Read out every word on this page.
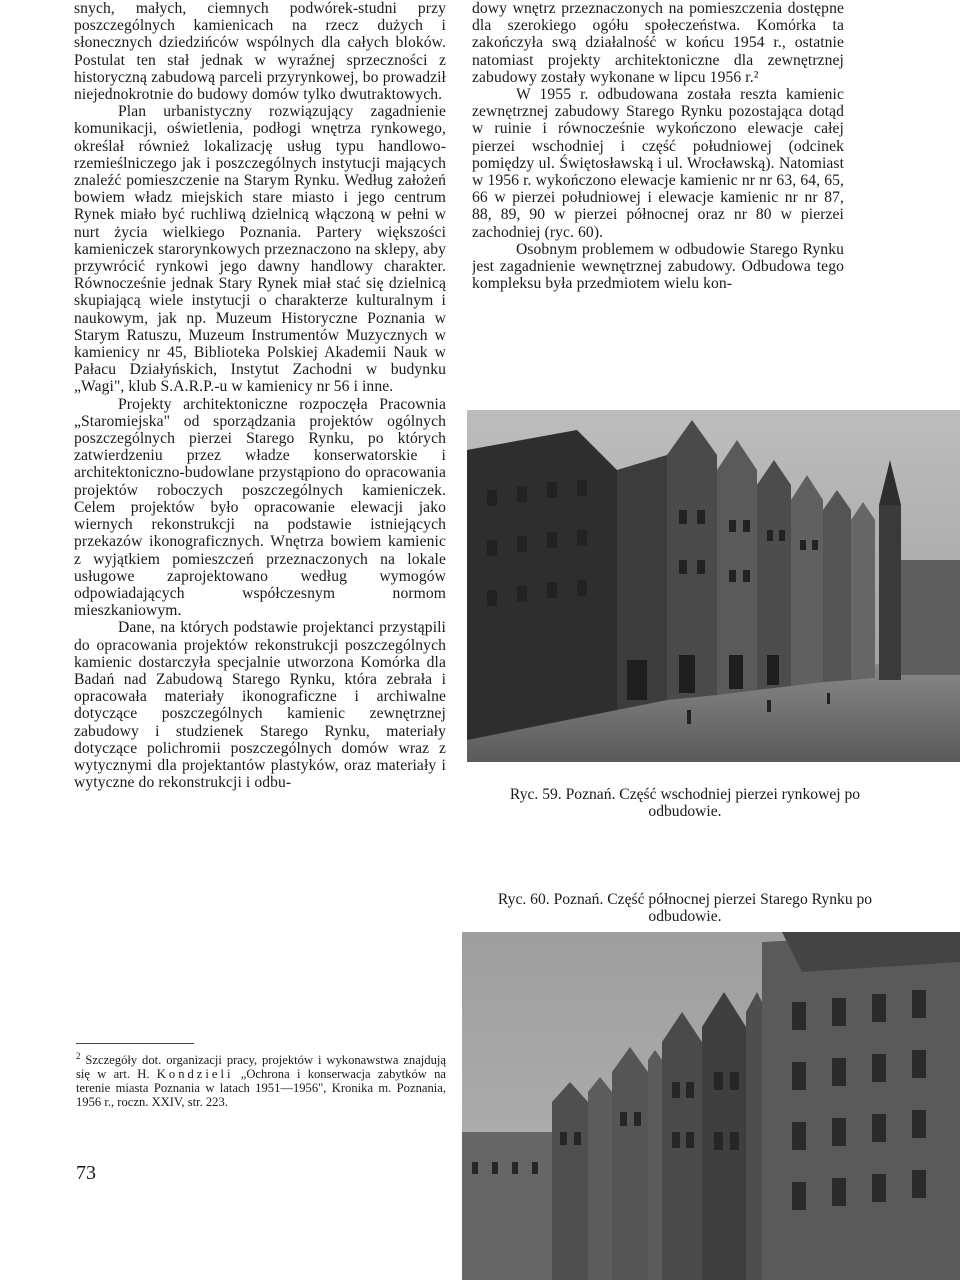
snych, małych, ciemnych podwórek-studni przy poszczególnych kamienicach na rzecz dużych i słonecznych dziedzińców wspólnych dla całych bloków. Postulat ten stał jednak w wyraźnej sprzeczności z historyczną zabudową parceli przyrynkowej, bo prowadził niejednokrotnie do budowy domów tylko dwutraktowych.

Plan urbanistyczny rozwiązujący zagadnienie komunikacji, oświetlenia, podłogi wnętrza rynkowego, określał również lokalizację usług typu handlowo-rzemieślniczego jak i poszczególnych instytucji mających znaleźć pomieszczenie na Starym Rynku. Według założeń bowiem władz miejskich stare miasto i jego centrum Rynek miało być ruchliwą dzielnicą włączoną w pełni w nurt życia wielkiego Poznania. Partery większości kamieniczek starorynkowych przeznaczono na sklepy, aby przywrócić rynkowi jego dawny handlowy charakter. Równocześnie jednak Stary Rynek miał stać się dzielnicą skupiającą wiele instytucji o charakterze kulturalnym i naukowym, jak np. Muzeum Historyczne Poznania w Starym Ratuszu, Muzeum Instrumentów Muzycznych w kamienicy nr 45, Biblioteka Polskiej Akademii Nauk w Pałacu Działyńskich, Instytut Zachodni w budynku „Wagi", klub S.A.R.P.-u w kamienicy nr 56 i inne.

Projekty architektoniczne rozpoczęła Pracownia „Staromiejska" od sporządzania projektów ogólnych poszczególnych pierzei Starego Rynku, po których zatwierdzeniu przez władze konserwatorskie i architektoniczno-budowlane przystąpiono do opracowania projektów roboczych poszczególnych kamieniczek. Celem projektów było opracowanie elewacji jako wiernych rekonstrukcji na podstawie istniejących przekazów ikonograficznych. Wnętrza bowiem kamienic z wyjątkiem pomieszczeń przeznaczonych na lokale usługowe zaprojektowano według wymogów odpowiadających współczesnym normom mieszkaniowym.

Dane, na których podstawie projektanci przystąpili do opracowania projektów rekonstrukcji poszczególnych kamienic dostarczyła specjalnie utworzona Komórka dla Badań nad Zabudową Starego Rynku, która zebrała i opracowała materiały ikonograficzne i archiwalne dotyczące poszczególnych kamienic zewnętrznej zabudowy i studzienek Starego Rynku, materiały dotyczące polichromii poszczególnych domów wraz z wytycznymi dla projektantów plastyków, oraz materiały i wytyczne do rekonstrukcji i odbu-

dowy wnętrz przeznaczonych na pomieszczenia dostępne dla szerokiego ogółu społeczeństwa. Komórka ta zakończyła swą działalność w końcu 1954 r., ostatnie natomiast projekty architektoniczne dla zewnętrznej zabudowy zostały wykonane w lipcu 1956 r.²

W 1955 r. odbudowana została reszta kamienic zewnętrznej zabudowy Starego Rynku pozostająca dotąd w ruinie i równocześnie wykończono elewacje całej pierzei wschodniej i część południowej (odcinek pomiędzy ul. Świętosławską i ul. Wrocławską). Natomiast w 1956 r. wykończono elewacje kamienic nr nr 63, 64, 65, 66 w pierzei południowej i elewacje kamienic nr nr 87, 88, 89, 90 w pierzei północnej oraz nr 80 w pierzei zachodniej (ryc. 60).

Osobnym problemem w odbudowie Starego Rynku jest zagadnienie wewnętrznej zabudowy. Odbudowa tego kompleksu była przedmiotem wielu kon-

Ryc. 59. Poznań. Część wschodniej pierzei rynkowej po odbudowie.
Ryc. 60. Poznań. Część północnej pierzei Starego Rynku po odbudowie.
$^2$ Szczegóły dot. organizacji pracy, projektów i wykonawstwa znajdują się w art. H. Kondzieli „Ochrona i konserwacja zabytków na terenie miasta Poznania w latach 1951—1956", Kronika m. Poznania, 1956 r., roczn. XXIV, str. 223.
73
